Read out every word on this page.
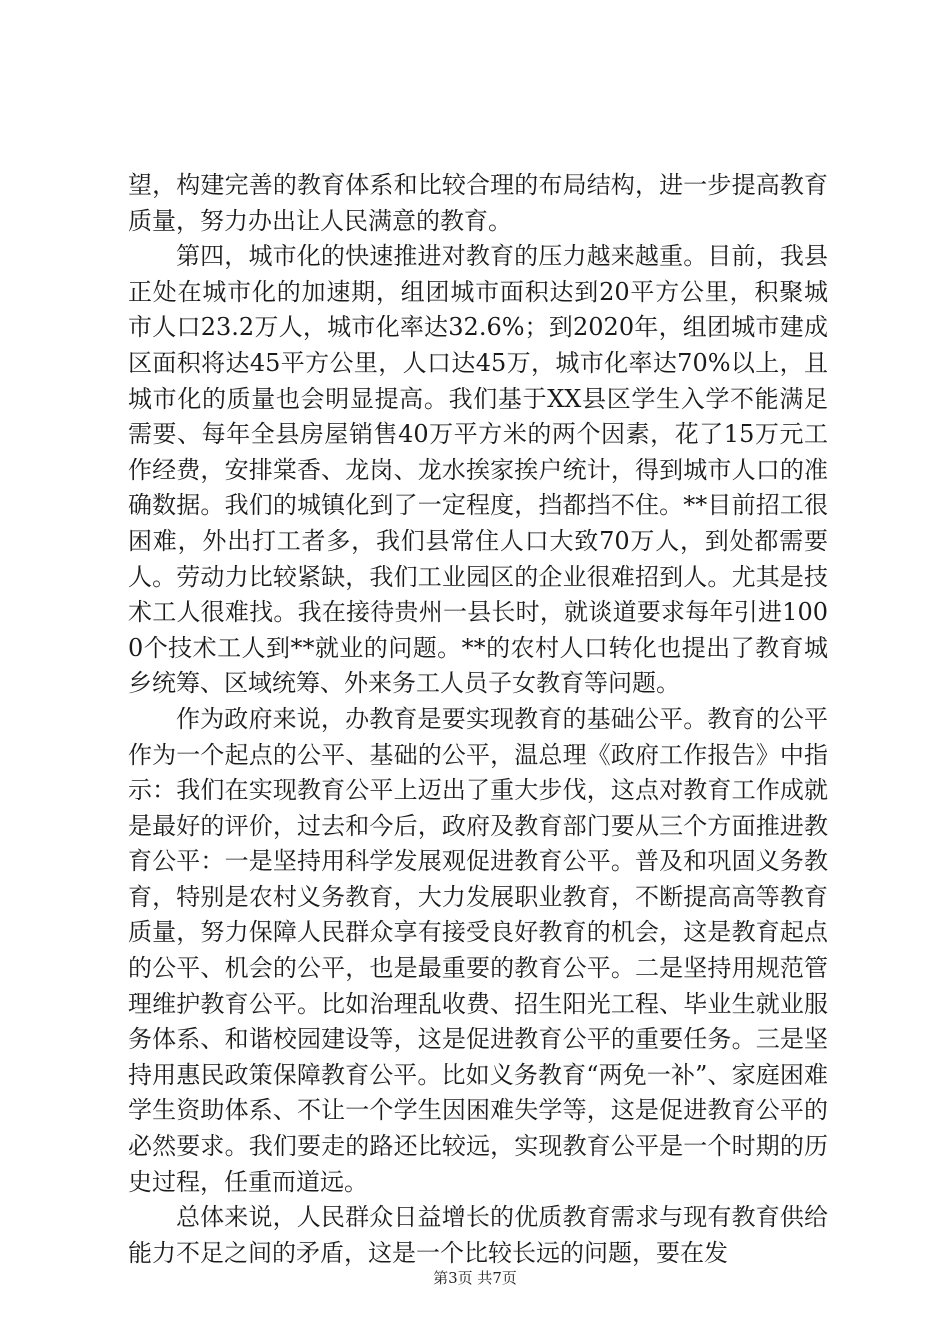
望，构建完善的教育体系和比较合理的布局结构，进一步提高教育质量，努力办出让人民满意的教育。

第四，城市化的快速推进对教育的压力越来越重。目前，我县正处在城市化的加速期，组团城市面积达到20平方公里，积聚城市人口23.2万人，城市化率达32.6%；到2020年，组团城市建成区面积将达45平方公里，人口达45万，城市化率达70%以上，且城市化的质量也会明显提高。我们基于XX县区学生入学不能满足需要、每年全县房屋销售40万平方米的两个因素，花了15万元工作经费，安排棠香、龙岗、龙水挨家挨户统计，得到城市人口的准确数据。我们的城镇化到了一定程度，挡都挡不住。**目前招工很困难，外出打工者多，我们县常住人口大致70万人，到处都需要人。劳动力比较紧缺，我们工业园区的企业很难招到人。尤其是技术工人很难找。我在接待贵州一县长时，就谈道要求每年引进1000个技术工人到**就业的问题。**的农村人口转化也提出了教育城乡统筹、区域统筹、外来务工人员子女教育等问题。

作为政府来说，办教育是要实现教育的基础公平。教育的公平作为一个起点的公平、基础的公平，温总理《政府工作报告》中指示：我们在实现教育公平上迈出了重大步伐，这点对教育工作成就是最好的评价，过去和今后，政府及教育部门要从三个方面推进教育公平：一是坚持用科学发展观促进教育公平。普及和巩固义务教育，特别是农村义务教育，大力发展职业教育，不断提高高等教育质量，努力保障人民群众享有接受良好教育的机会，这是教育起点的公平、机会的公平，也是最重要的教育公平。二是坚持用规范管理维护教育公平。比如治理乱收费、招生阳光工程、毕业生就业服务体系、和谐校园建设等，这是促进教育公平的重要任务。三是坚持用惠民政策保障教育公平。比如义务教育“两免一补”、家庭困难学生资助体系、不让一个学生因困难失学等，这是促进教育公平的必然要求。我们要走的路还比较远，实现教育公平是一个时期的历史过程，任重而道远。

总体来说，人民群众日益增长的优质教育需求与现有教育供给能力不足之间的矛盾，这是一个比较长远的问题，要在发

第3页 共7页
